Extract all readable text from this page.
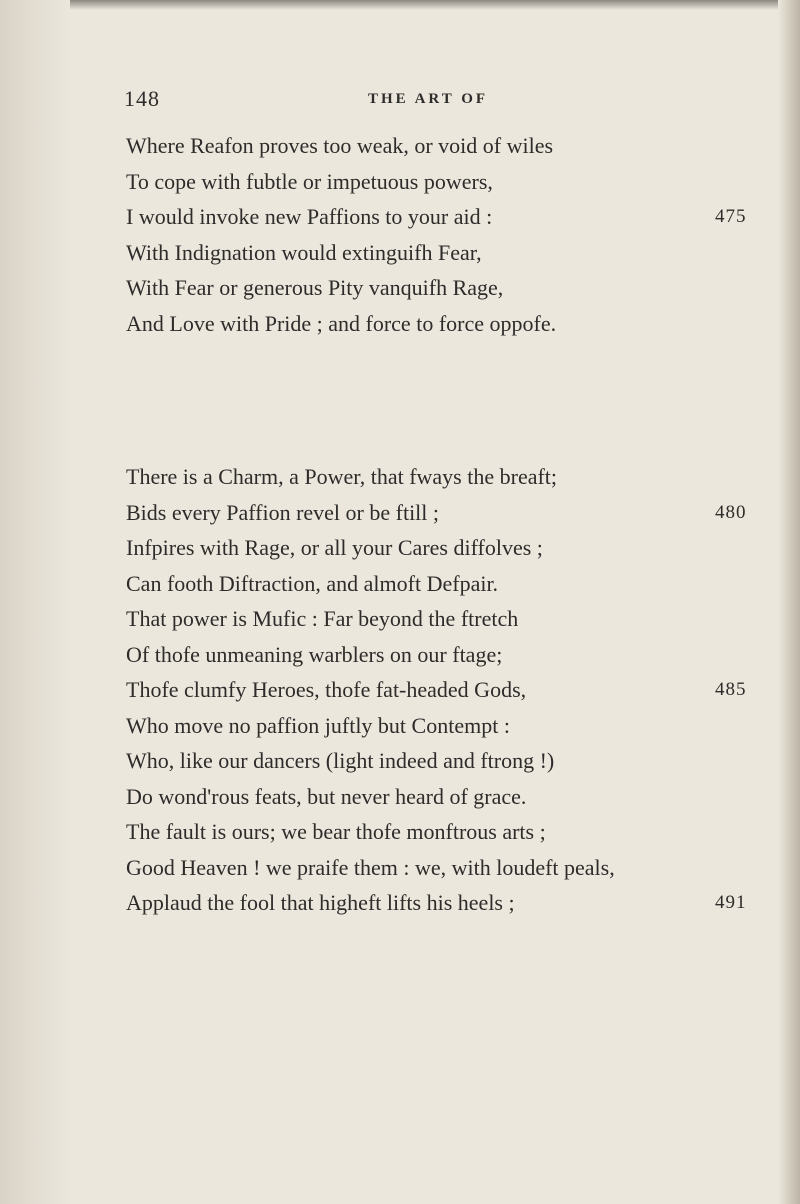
148	THE ART OF
Where Reafon proves too weak, or void of wiles
To cope with fubtle or impetuous powers,
I would invoke new Paffions to your aid :	475
With Indignation would extinguifh Fear,
With Fear or generous Pity vanquifh Rage,
And Love with Pride ; and force to force oppofe.
There is a Charm, a Power, that fways the breaft;
Bids every Paffion revel or be ftill ;	480
Infpires with Rage, or all your Cares diffolves ;
Can footh Diftraction, and almoft Defpair.
That power is Mufic : Far beyond the ftretch
Of thofe unmeaning warblers on our ftage;
Thofe clumfy Heroes, thofe fat-headed Gods,	485
Who move no paffion juftly but Contempt :
Who, like our dancers (light indeed and ftrong !)
Do wond'rous feats, but never heard of grace.
The fault is ours; we bear thofe monftrous arts ;
Good Heaven ! we praife them : we, with loudeft peals,
Applaud the fool that higheft lifts his heels ;	491
